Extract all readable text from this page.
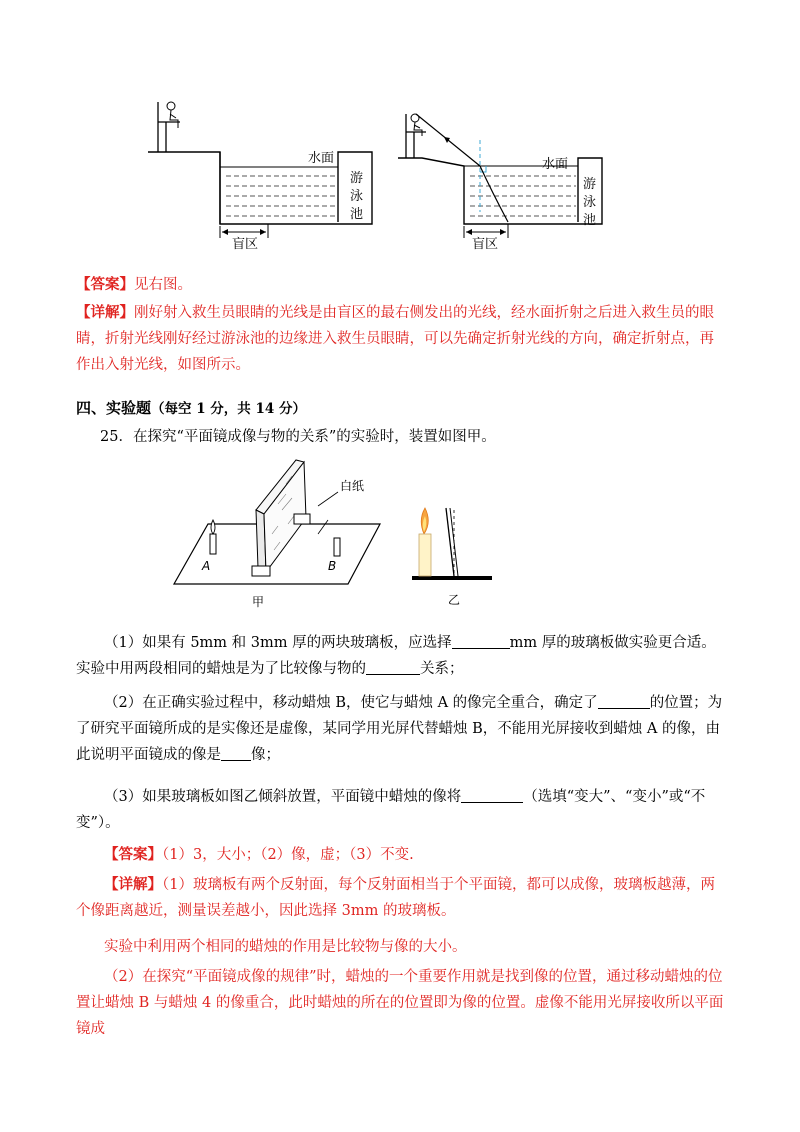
水面
游
泳
池
盲区
水面
游
泳
池
盲区

【答案】见右图。

【详解】刚好射入救生员眼睛的光线是由盲区的最右侧发出的光线，经水面折射之后进入救生员的眼睛，折射光线刚好经过游泳池的边缘进入救生员眼睛，可以先确定折射光线的方向，确定折射点，再作出入射光线，如图所示。

四、实验题（每空 1 分，共 14 分）

25．在探究“平面镜成像与物的关系”的实验时，装置如图甲。

白纸
A	B
甲	乙

（1）如果有 5mm 和 3mm 厚的两块玻璃板，应选择	mm 厚的玻璃板做实验更合适。实验中用两段相同的蜡烛是为了比较像与物的	关系；

（2）在正确实验过程中，移动蜡烛 B，使它与蜡烛 A 的像完全重合，确定了	的位置；为了研究平面镜所成的是实像还是虚像，某同学用光屏代替蜡烛 B，不能用光屏接收到蜡烛 A 的像，由此说明平面镜成的像是 像；

（3）如果玻璃板如图乙倾斜放置，平面镜中蜡烛的像将	（选填“变大”、“变小”或“不变”）。

【答案】（1）3，大小；（2）像，虚；（3）不变.

【详解】（1）玻璃板有两个反射面，每个反射面相当于个平面镜，都可以成像，玻璃板越薄，两个像距离越近，测量误差越小，因此选择 3mm 的玻璃板。

实验中利用两个相同的蜡烛的作用是比较物与像的大小。

（2）在探究“平面镜成像的规律”时，蜡烛的一个重要作用就是找到像的位置，通过移动蜡烛的位置让蜡烛 B 与蜡烛 4 的像重合，此时蜡烛的所在的位置即为像的位置。虚像不能用光屏接收所以平面镜成
